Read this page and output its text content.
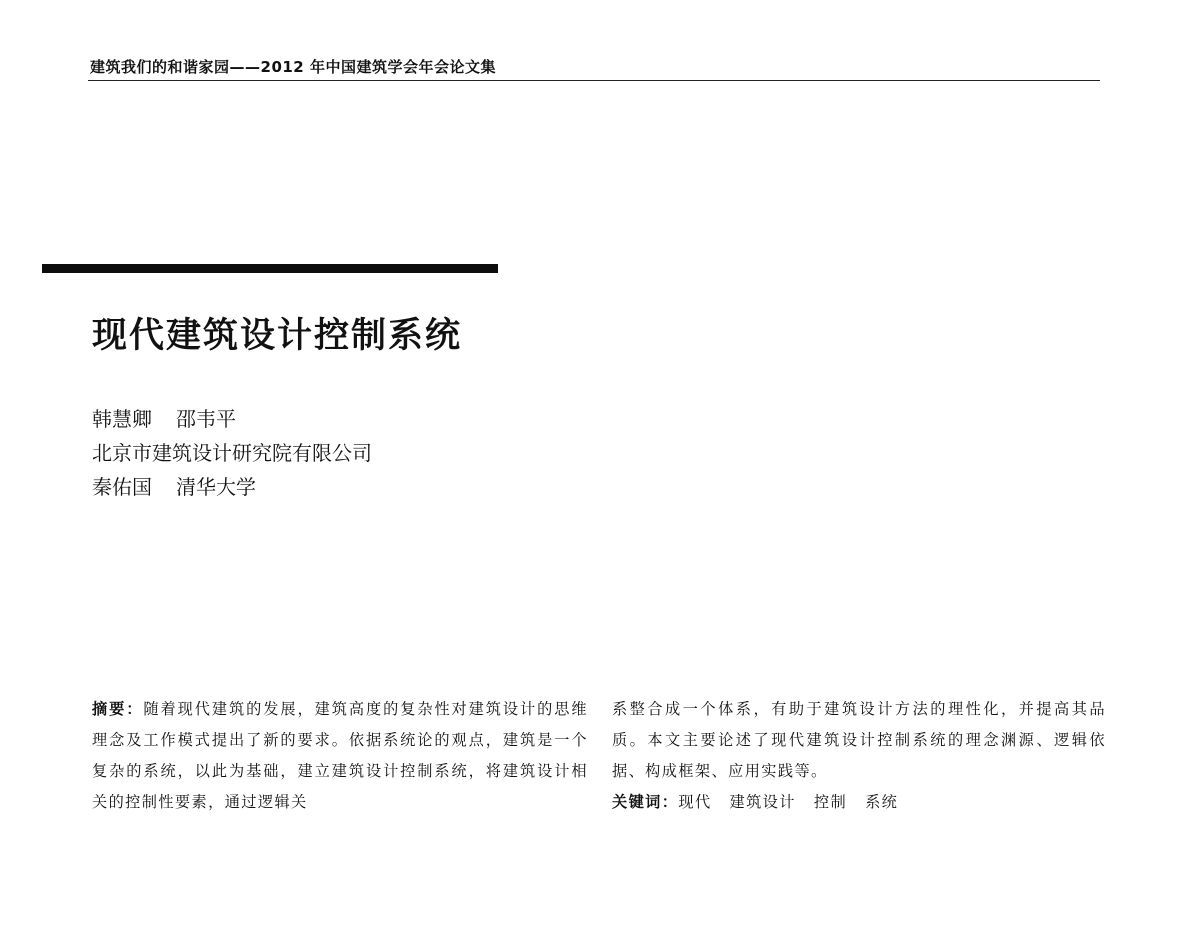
建筑我们的和谐家园——2012 年中国建筑学会年会论文集
现代建筑设计控制系统
韩慧卿 邵韦平
北京市建筑设计研究院有限公司
秦佑国 清华大学
摘要：随着现代建筑的发展，建筑高度的复杂性对建筑设计的思维理念及工作模式提出了新的要求。依据系统论的观点，建筑是一个复杂的系统，以此为基础，建立建筑设计控制系统，将建筑设计相关的控制性要素，通过逻辑关
系整合成一个体系，有助于建筑设计方法的理性化，并提高其品质。本文主要论述了现代建筑设计控制系统的理念渊源、逻辑依据、构成框架、应用实践等。
关键词：现代 建筑设计 控制 系统
